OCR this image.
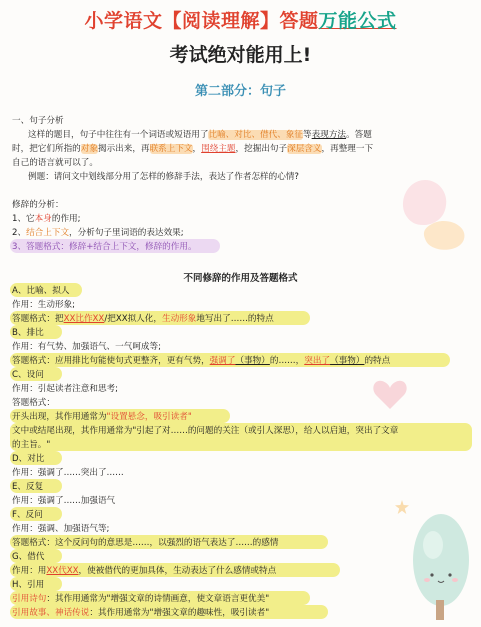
小学语文【阅读理解】答题万能公式
考试绝对能用上!
第二部分：句子
一、句子分析
这样的题目，句子中往往有一个词语或短语用了比喻、对比、借代、象征等表现方法。答题
时，把它们所指的对象揭示出来，再联系上下文，围绕主题，挖掘出句子深层含义，再整理一下
自己的语言就可以了。
例题：请问文中划线部分用了怎样的修辞手法，表达了作者怎样的心情?
修辞的分析：
1、它本身的作用;
2、结合上下文，分析句子里词语的表达效果;
3、答题格式：修辞+结合上下文，修辞的作用。
不同修辞的作用及答题格式
A、比喻、拟人
作用：生动形象;
答题格式：把XX比作XX/把XX拟人化，生动形象地写出了……的特点
B、排比
作用：有气势、加强语气、一气呵成等;
答题格式：应用排比句能使句式更整齐，更有气势，强调了（事物）的……，突出了（事物）的特点
C、设问
作用：引起读者注意和思考;
答题格式：
开头出现，其作用通常为"设置悬念，吸引读者"
文中或结尾出现，其作用通常为"引起了对……的问题的关注（或引人深思），给人以启迪，突出了文章
的主旨。"
D、对比
作用：强调了……突出了……
E、反复
作用：强调了……加强语气
F、反问
作用：强调、加强语气等;
答题格式：这个反问句的意思是……，以强烈的语气表达了……的感情
G、借代
作用：用XX代XX，使被借代的更加具体，生动表达了什么感情或特点
H、引用
引用诗句：其作用通常为"增强文章的诗情画意，使文章语言更优美"
引用故事、神话传说：其作用通常为"增强文章的趣味性，吸引读者"
